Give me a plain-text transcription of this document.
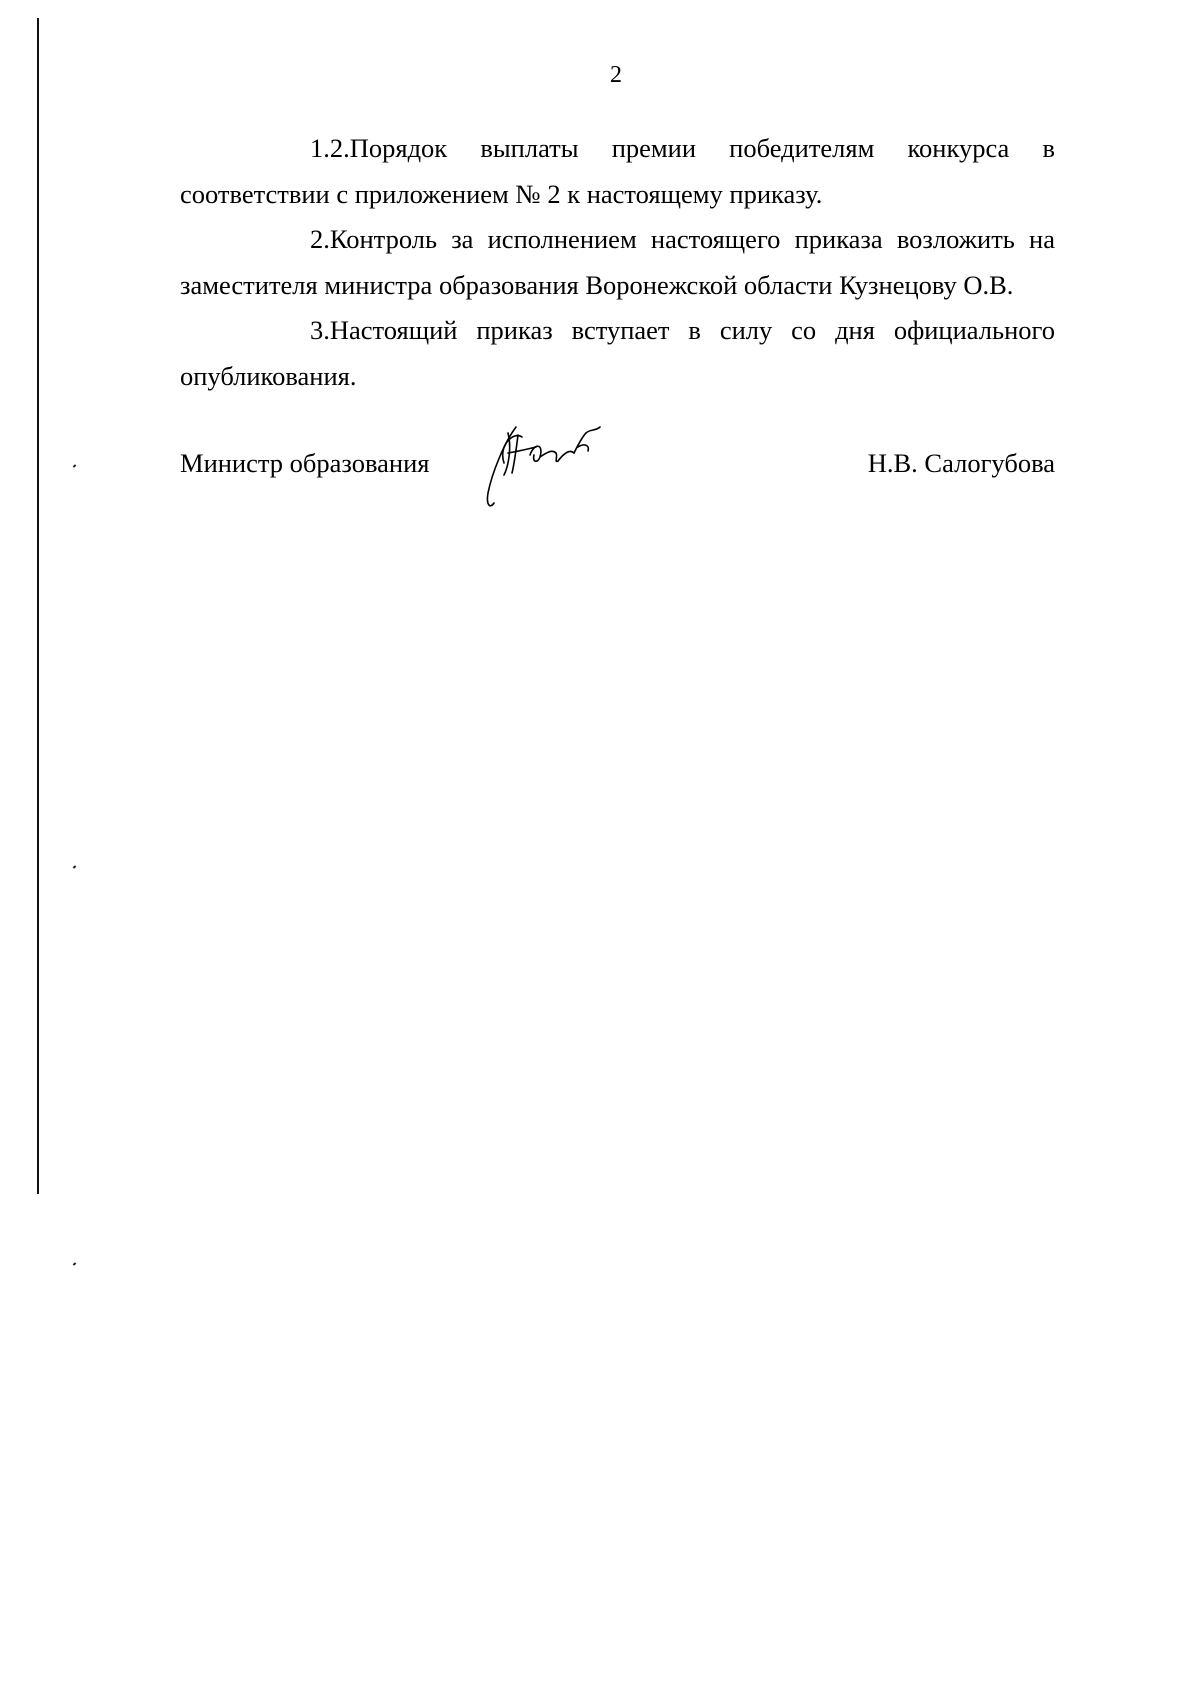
2

1.2.Порядок выплаты премии победителям конкурса в соответствии с приложением № 2 к настоящему приказу.

2.Контроль за исполнением настоящего приказа возложить на заместителя министра образования Воронежской области Кузнецову О.В.

3.Настоящий приказ вступает в силу со дня официального опубликования.

Министр образования	Н.В. Салогубова
